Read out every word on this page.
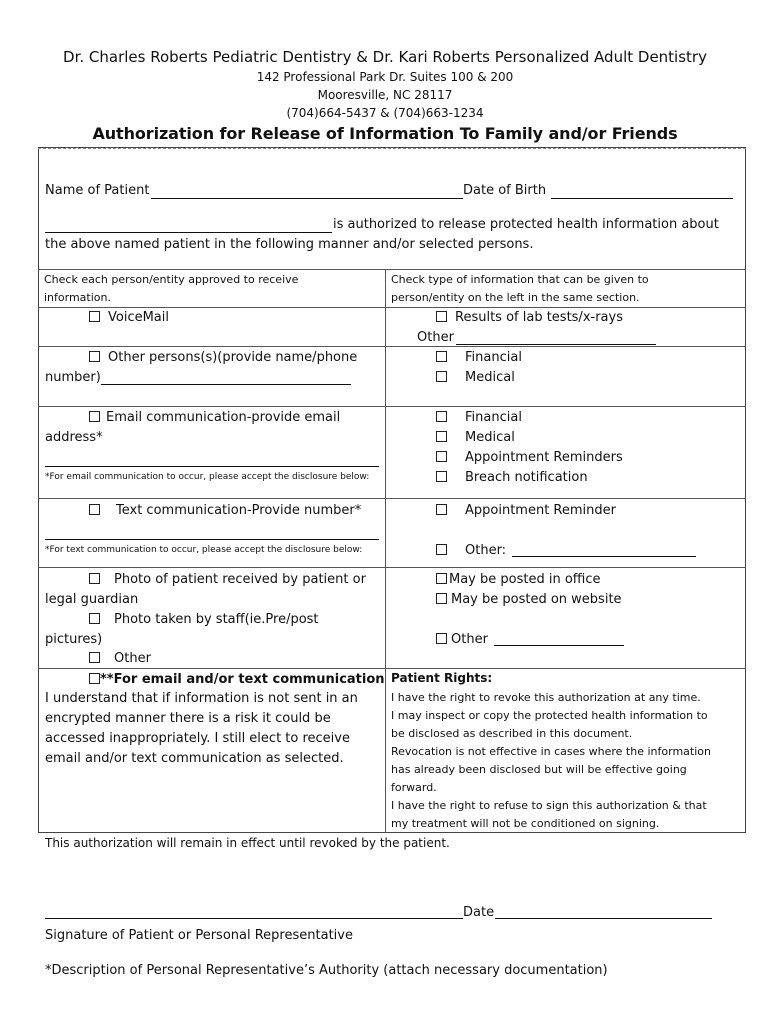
Dr. Charles Roberts Pediatric Dentistry & Dr. Kari Roberts Personalized Adult Dentistry
142 Professional Park Dr. Suites 100 & 200
Mooresville, NC 28117
(704)664-5437 & (704)663-1234
Authorization for Release of Information To Family and/or Friends
Name of Patient	Date of Birth
is authorized to release protected health information about
the above named patient in the following manner and/or selected persons.
Check each person/entity approved to receive
information.
Check type of information that can be given to
person/entity on the left in the same section.
VoiceMail	Results of lab tests/x-rays
Other
Other persons(s)(provide name/phone
number)
Financial
Medical
Email communication-provide email
address*
*For email communication to occur, please accept the disclosure below:
Financial
Medical
Appointment Reminders
Breach notification
Text communication-Provide number*
*For text communication to occur, please accept the disclosure below:
Appointment Reminder
Other:
Photo of patient received by patient or
legal guardian
Photo taken by staff(ie.Pre/post
pictures)
Other
May be posted in office
May be posted on website
Other
**For email and/or text communication
I understand that if information is not sent in an
encrypted manner there is a risk it could be
accessed inappropriately. I still elect to receive
email and/or text communication as selected.
Patient Rights:
I have the right to revoke this authorization at any time.
I may inspect or copy the protected health information to
be disclosed as described in this document.
Revocation is not effective in cases where the information
has already been disclosed but will be effective going
forward.
I have the right to refuse to sign this authorization & that
my treatment will not be conditioned on signing.
This authorization will remain in effect until revoked by the patient.
Date
Signature of Patient or Personal Representative
*Description of Personal Representative’s Authority (attach necessary documentation)
